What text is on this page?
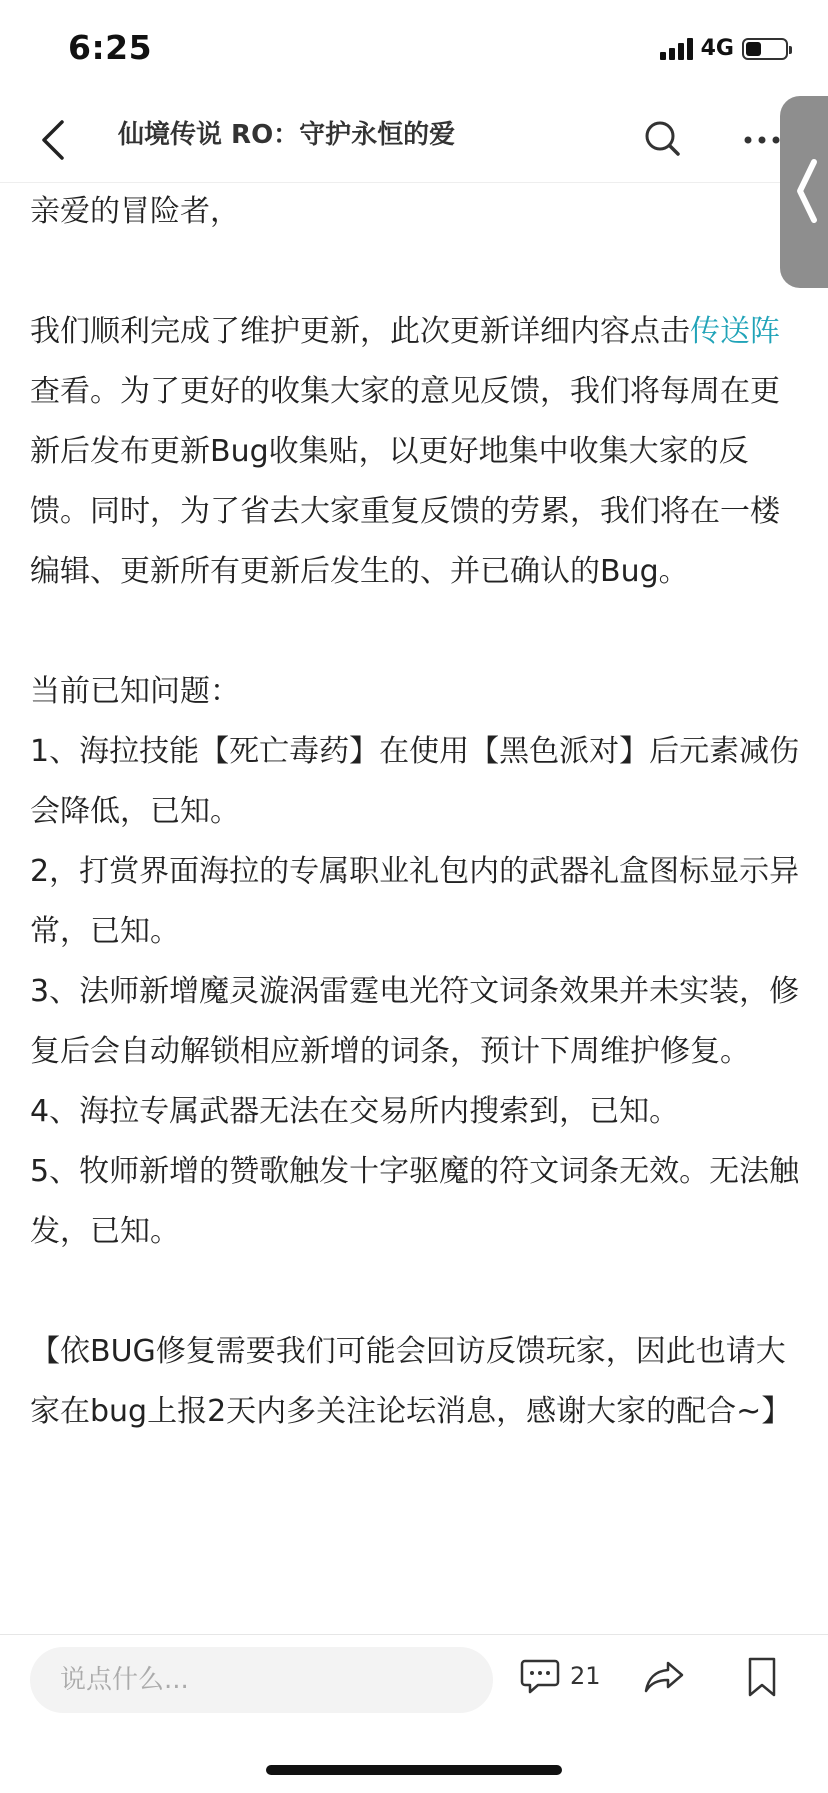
6:25	4G
仙境传说 RO：守护永恒的爱

亲爱的冒险者，

我们顺利完成了维护更新，此次更新详细内容点击传送阵查看。为了更好的收集大家的意见反馈，我们将每周在更新后发布更新Bug收集贴，以更好地集中收集大家的反馈。同时，为了省去大家重复反馈的劳累，我们将在一楼编辑、更新所有更新后发生的、并已确认的Bug。

当前已知问题：

1、海拉技能【死亡毒药】在使用【黑色派对】后元素减伤会降低，已知。

2，打赏界面海拉的专属职业礼包内的武器礼盒图标显示异常，已知。

3、法师新增魔灵漩涡雷霆电光符文词条效果并未实装，修复后会自动解锁相应新增的词条，预计下周维护修复。

4、海拉专属武器无法在交易所内搜索到，已知。

5、牧师新增的赞歌触发十字驱魔的符文词条无效。无法触发，已知。

【依BUG修复需要我们可能会回访反馈玩家，因此也请大家在bug上报2天内多关注论坛消息，感谢大家的配合~】

说点什么...
21
